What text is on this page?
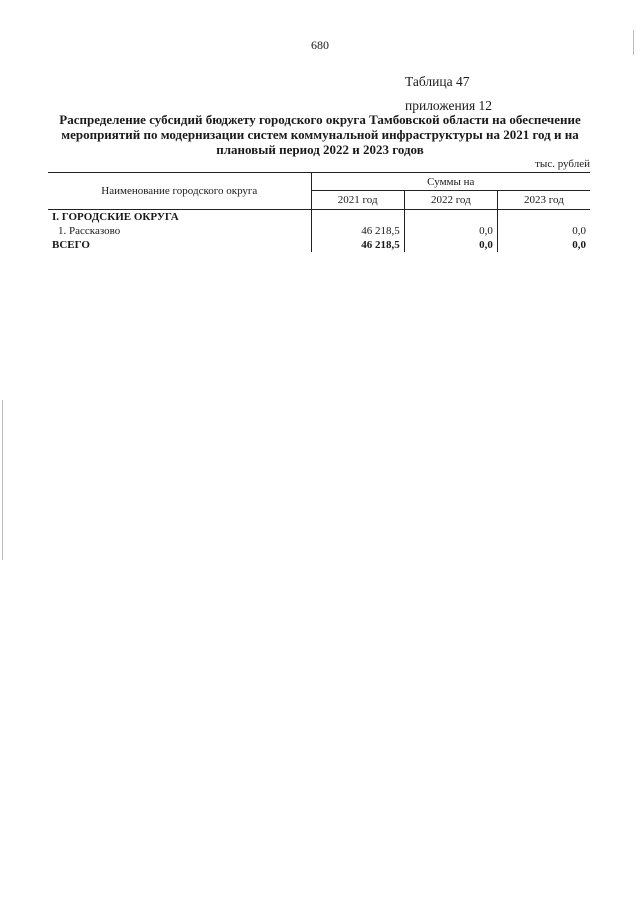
680
Таблица 47
приложения 12
Распределение субсидий бюджету городского округа Тамбовской области на обеспечение мероприятий по модернизации систем коммунальной инфраструктуры на 2021 год и на плановый период 2022 и 2023 годов
тыс. рублей
Наименование городского округа	Суммы на		
	2021 год	2022 год	2023 год
I. ГОРОДСКИЕ ОКРУГА			
1. Рассказово	46 218,5	0,0	0,0
ВСЕГО	46 218,5	0,0	0,0
